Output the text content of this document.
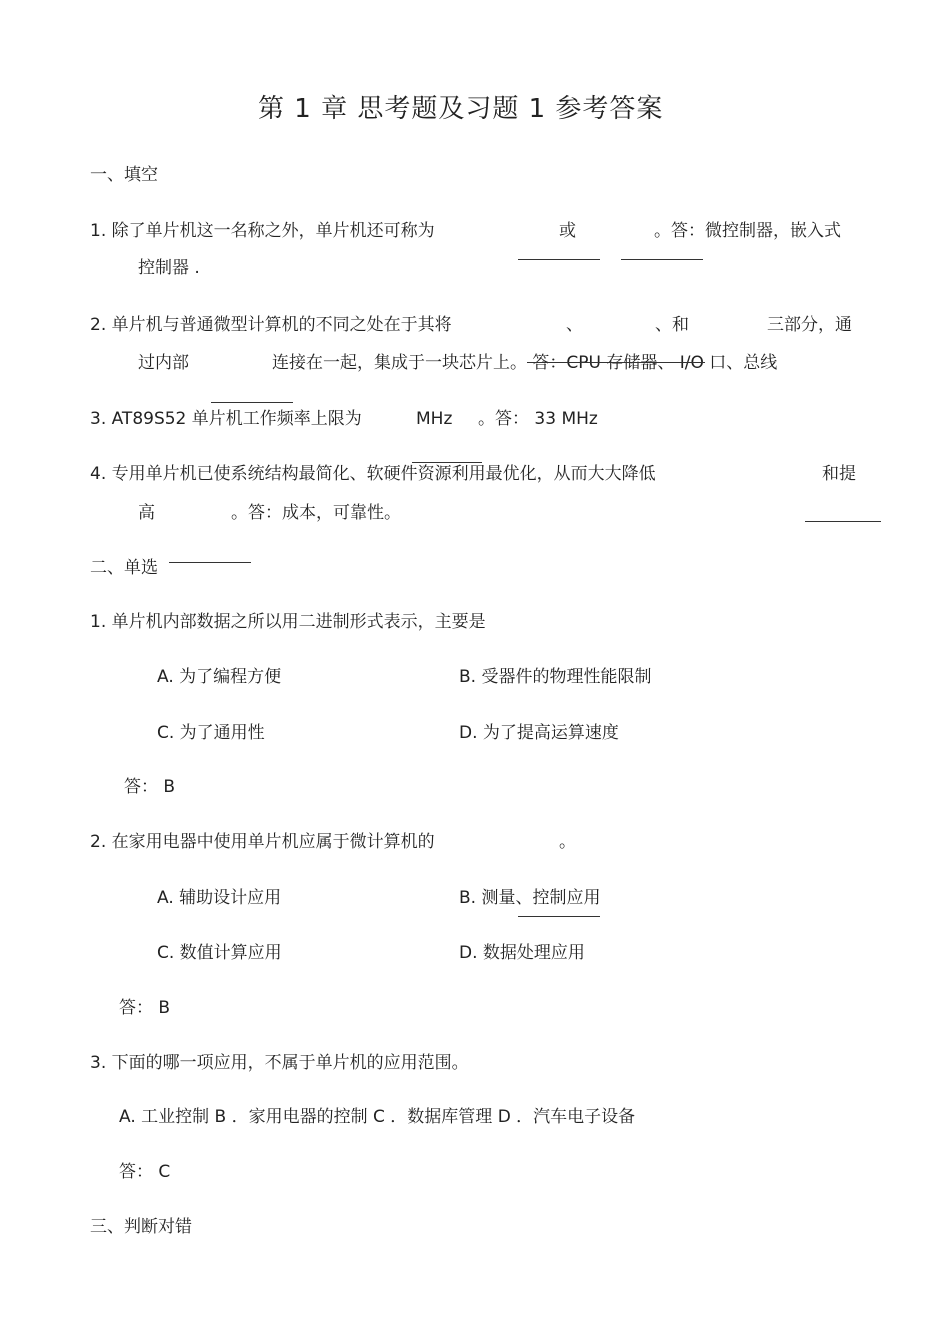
第 1 章 思考题及习题 1 参考答案
一、填空
1. 除了单片机这一名称之外，单片机还可称为	或	。答：微控制器，嵌入式
控制器 .
2. 单片机与普通微型计算机的不同之处在于其将	、	、和	三部分，通
过内部	连接在一起，集成于一块芯片上。 答：CPU 存储器、 I/O 口、总线
3. AT89S52 单片机工作频率上限为	MHz 。答： 33 MHz
4. 专用单片机已使系统结构最简化、软硬件资源利用最优化，从而大大降低	和提
高	。答：成本，可靠性。
二、单选
1. 单片机内部数据之所以用二进制形式表示，主要是
A. 为了编程方便	B. 受器件的物理性能限制
C. 为了通用性	D. 为了提高运算速度
答： B
2. 在家用电器中使用单片机应属于微计算机的	。
A. 辅助设计应用	B. 测量、控制应用
C. 数值计算应用	D. 数据处理应用
答： B
3. 下面的哪一项应用，不属于单片机的应用范围。
A. 工业控制 B ．家用电器的控制 C ．数据库管理 D ．汽车电子设备
答： C
三、判断对错
